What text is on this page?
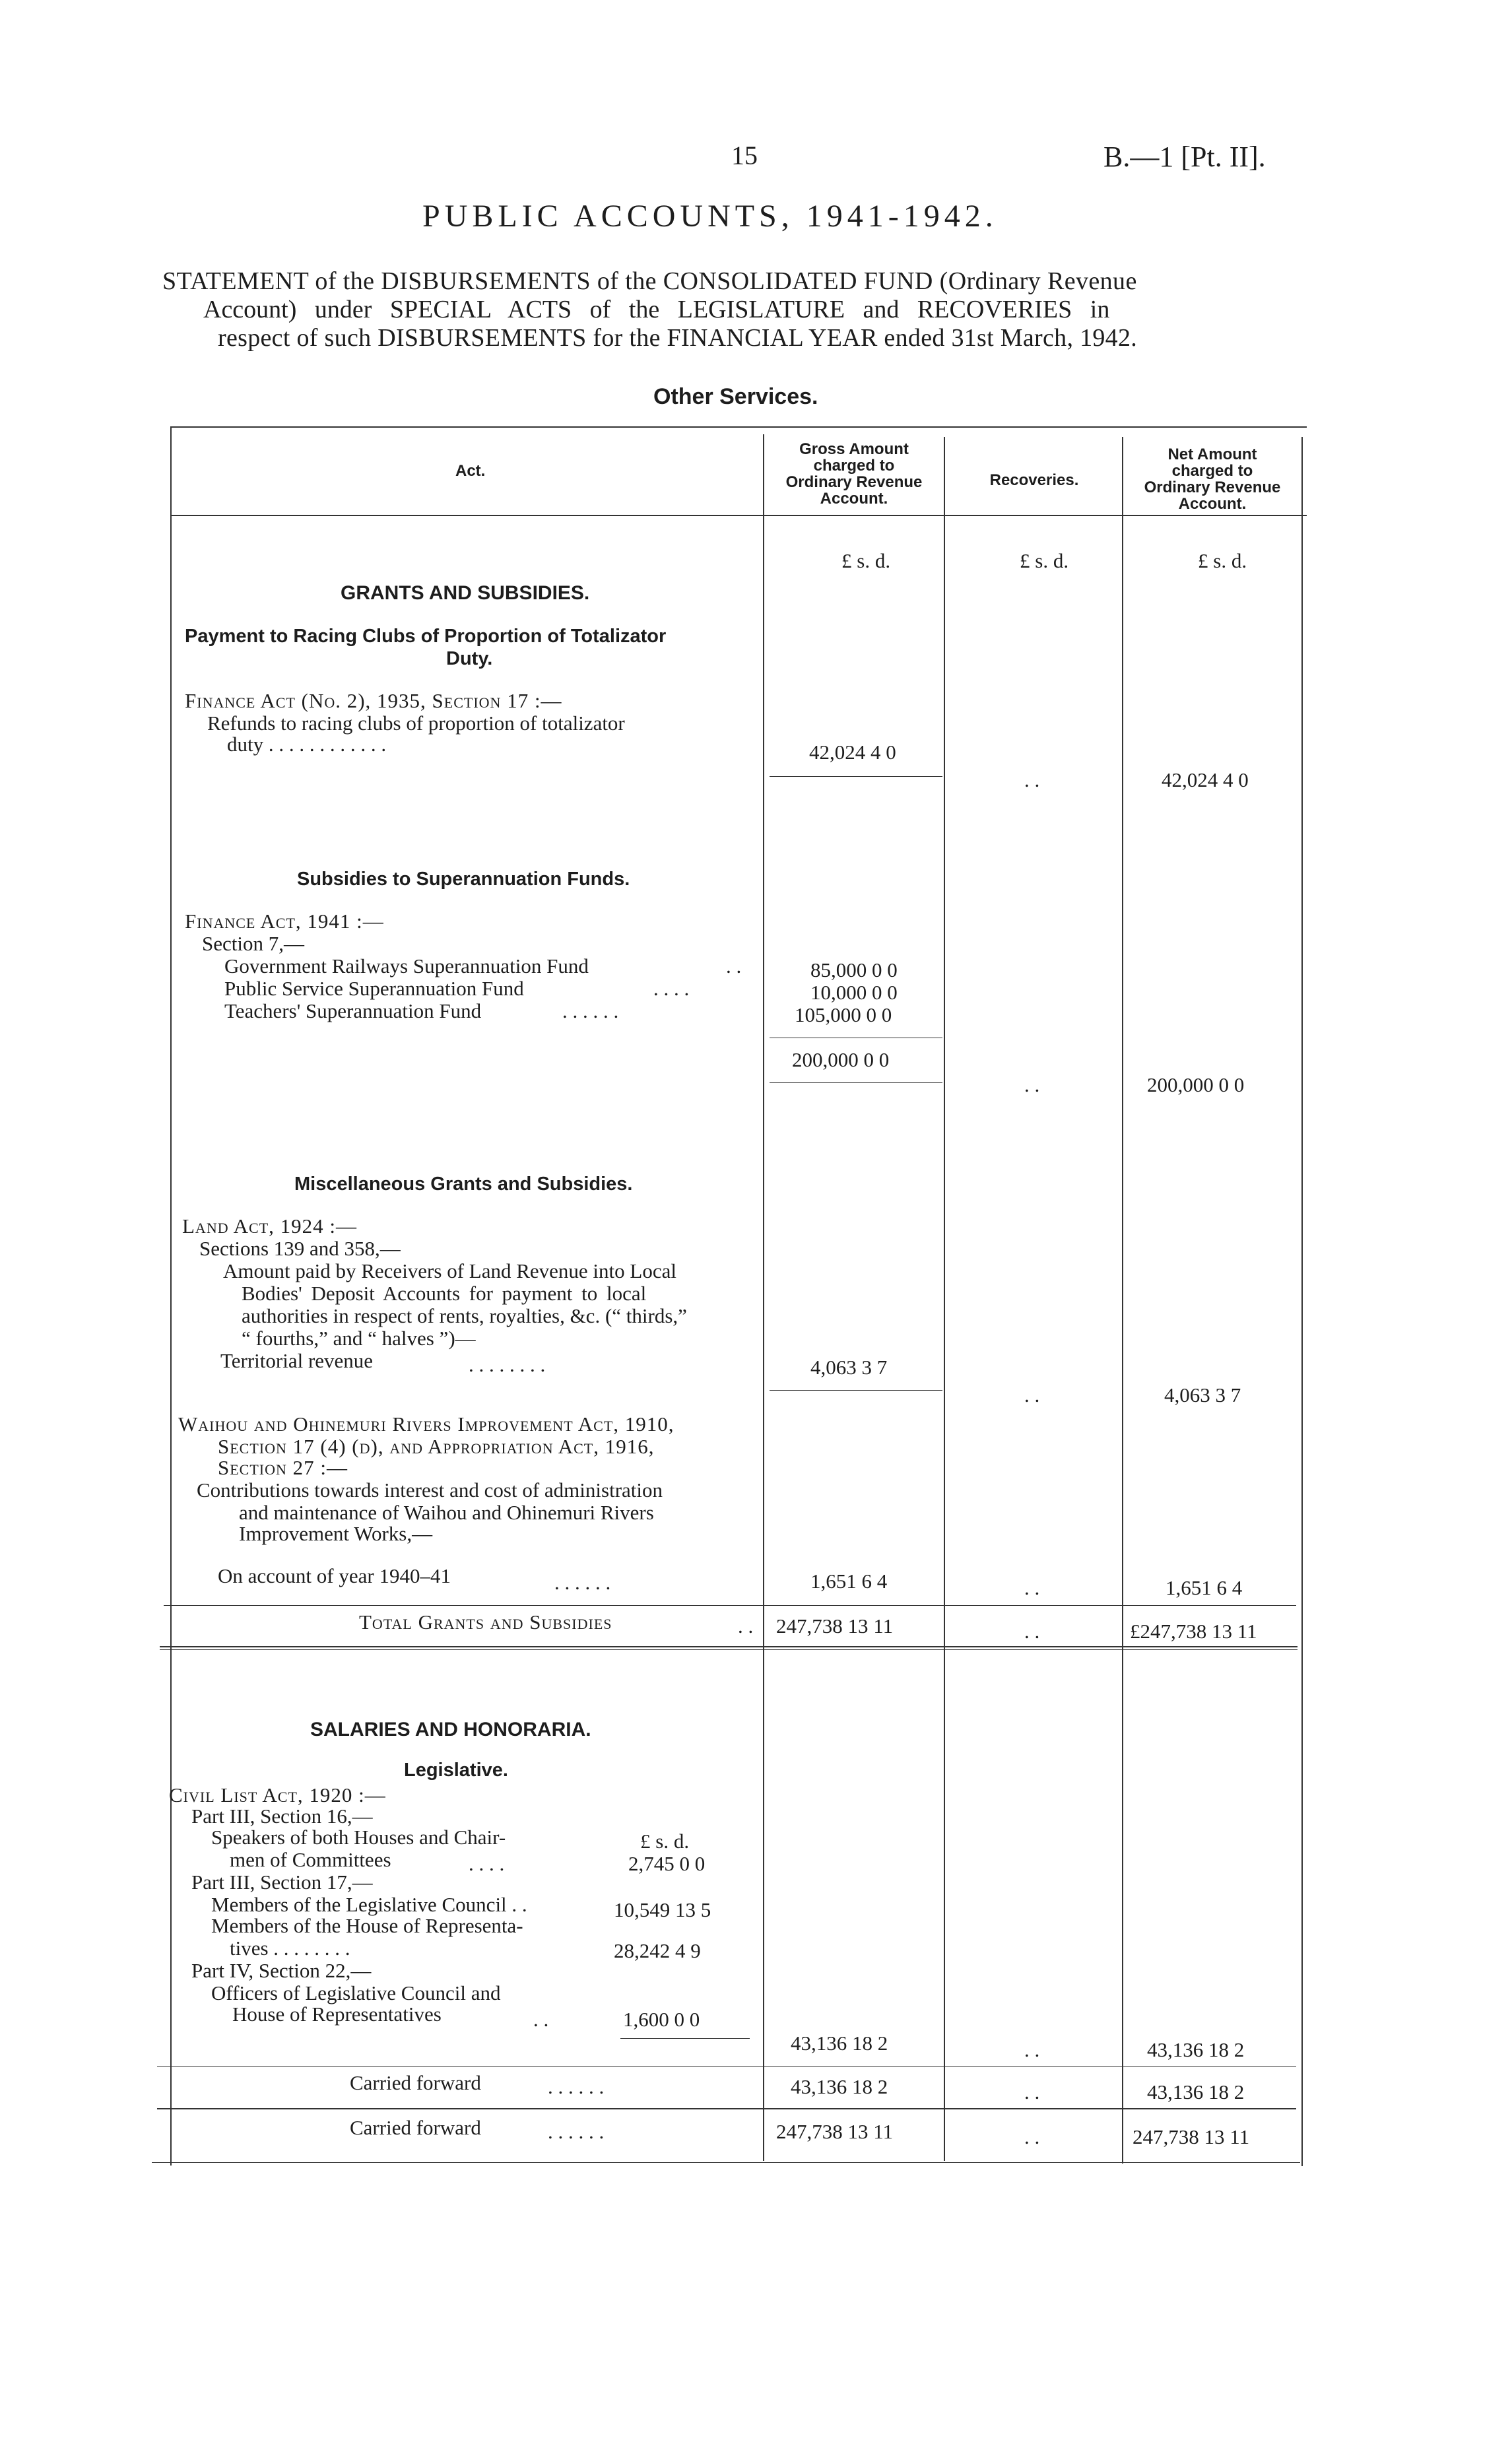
15	B.—1 [Pt. II].
PUBLIC ACCOUNTS, 1941-1942.
STATEMENT of the DISBURSEMENTS of the CONSOLIDATED FUND (Ordinary Revenue
Account) under SPECIAL ACTS of the LEGISLATURE and RECOVERIES in
respect of such DISBURSEMENTS for the FINANCIAL YEAR ended 31st March, 1942.
Other Services.
Act.
Gross Amount
charged to
Ordinary Revenue
Account.
Recoveries.
Net Amount
charged to
Ordinary Revenue
Account.
£ s. d.	£ s. d.	£ s. d.
GRANTS AND SUBSIDIES.
Payment to Racing Clubs of Proportion of Totalizator
Duty.
Finance Act (No. 2), 1935, Section 17 :—
Refunds to racing clubs of proportion of totalizator
duty . . . . . . . . . . . .	42,024 4 0
. .	42,024 4 0
Subsidies to Superannuation Funds.
Finance Act, 1941 :—
Section 7,—
Government Railways Superannuation Fund	. .	85,000 0 0
Public Service Superannuation Fund	. . . .	10,000 0 0
Teachers' Superannuation Fund	. . . . . .	105,000 0 0
200,000 0 0
. .	200,000 0 0
Miscellaneous Grants and Subsidies.
Land Act, 1924 :—
Sections 139 and 358,—
Amount paid by Receivers of Land Revenue into Local
Bodies' Deposit Accounts for payment to local
authorities in respect of rents, royalties, &c. (“ thirds,”
“ fourths,” and “ halves ”)—
Territorial revenue	. . . . . . . .	4,063 3 7
. .	4,063 3 7
Waihou and Ohinemuri Rivers Improvement Act, 1910,
Section 17 (4) (d), and Appropriation Act, 1916,
Section 27 :—
Contributions towards interest and cost of administration
and maintenance of Waihou and Ohinemuri Rivers
Improvement Works,—
On account of year 1940–41	. . . . . .	1,651 6 4	. .	1,651 6 4
Total Grants and Subsidies	. . 247,738 13 11	. .	£247,738 13 11
SALARIES AND HONORARIA.
Legislative.
Civil List Act, 1920 :—
Part III, Section 16,—
Speakers of both Houses and Chair-	£ s. d.
men of Committees	. . . .	2,745 0 0
Part III, Section 17,—
Members of the Legislative Council . .	10,549 13 5
Members of the House of Representa-
tives . . . . . . . .	28,242 4 9
Part IV, Section 22,—
Officers of Legislative Council and
House of Representatives	. .	1,600 0 0
43,136 18 2	. .	43,136 18 2
Carried forward	. . . . . .	43,136 18 2	. .	43,136 18 2
Carried forward	. . . . . .	247,738 13 11	. .	247,738 13 11
